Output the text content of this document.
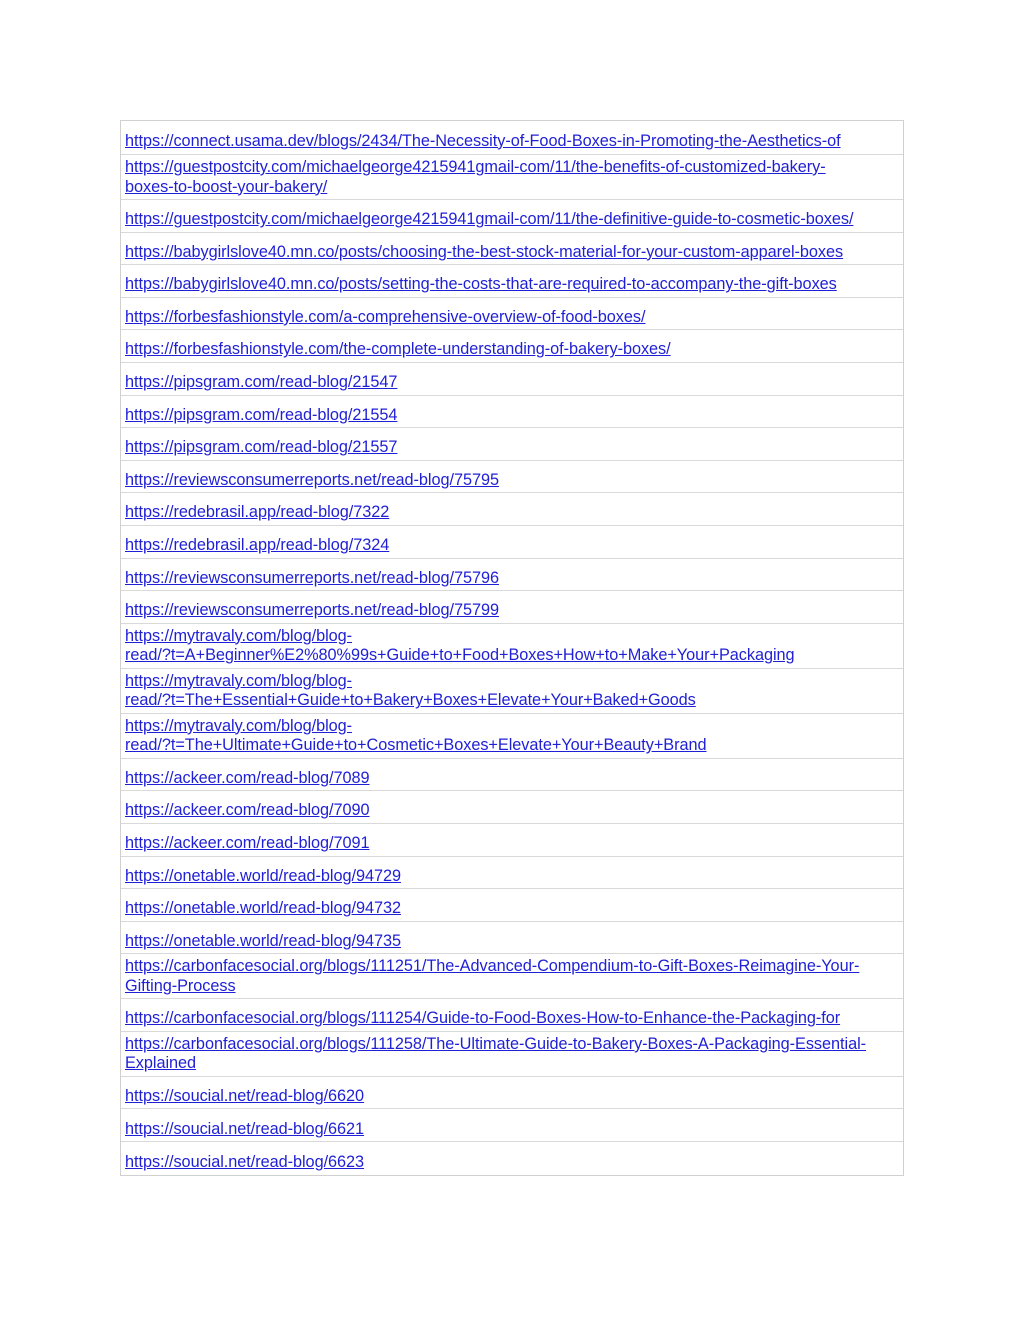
https://connect.usama.dev/blogs/2434/The-Necessity-of-Food-Boxes-in-Promoting-the-Aesthetics-of
https://guestpostcity.com/michaelgeorge4215941gmail-com/11/the-benefits-of-customized-bakery-
boxes-to-boost-your-bakery/
https://guestpostcity.com/michaelgeorge4215941gmail-com/11/the-definitive-guide-to-cosmetic-boxes/
https://babygirlslove40.mn.co/posts/choosing-the-best-stock-material-for-your-custom-apparel-boxes
https://babygirlslove40.mn.co/posts/setting-the-costs-that-are-required-to-accompany-the-gift-boxes
https://forbesfashionstyle.com/a-comprehensive-overview-of-food-boxes/
https://forbesfashionstyle.com/the-complete-understanding-of-bakery-boxes/
https://pipsgram.com/read-blog/21547
https://pipsgram.com/read-blog/21554
https://pipsgram.com/read-blog/21557
https://reviewsconsumerreports.net/read-blog/75795
https://redebrasil.app/read-blog/7322
https://redebrasil.app/read-blog/7324
https://reviewsconsumerreports.net/read-blog/75796
https://reviewsconsumerreports.net/read-blog/75799
https://mytravaly.com/blog/blog-
read/?t=A+Beginner%E2%80%99s+Guide+to+Food+Boxes+How+to+Make+Your+Packaging
https://mytravaly.com/blog/blog-
read/?t=The+Essential+Guide+to+Bakery+Boxes+Elevate+Your+Baked+Goods
https://mytravaly.com/blog/blog-
read/?t=The+Ultimate+Guide+to+Cosmetic+Boxes+Elevate+Your+Beauty+Brand
https://ackeer.com/read-blog/7089
https://ackeer.com/read-blog/7090
https://ackeer.com/read-blog/7091
https://onetable.world/read-blog/94729
https://onetable.world/read-blog/94732
https://onetable.world/read-blog/94735
https://carbonfacesocial.org/blogs/111251/The-Advanced-Compendium-to-Gift-Boxes-Reimagine-Your-
Gifting-Process
https://carbonfacesocial.org/blogs/111254/Guide-to-Food-Boxes-How-to-Enhance-the-Packaging-for
https://carbonfacesocial.org/blogs/111258/The-Ultimate-Guide-to-Bakery-Boxes-A-Packaging-Essential-
Explained
https://soucial.net/read-blog/6620
https://soucial.net/read-blog/6621
https://soucial.net/read-blog/6623
